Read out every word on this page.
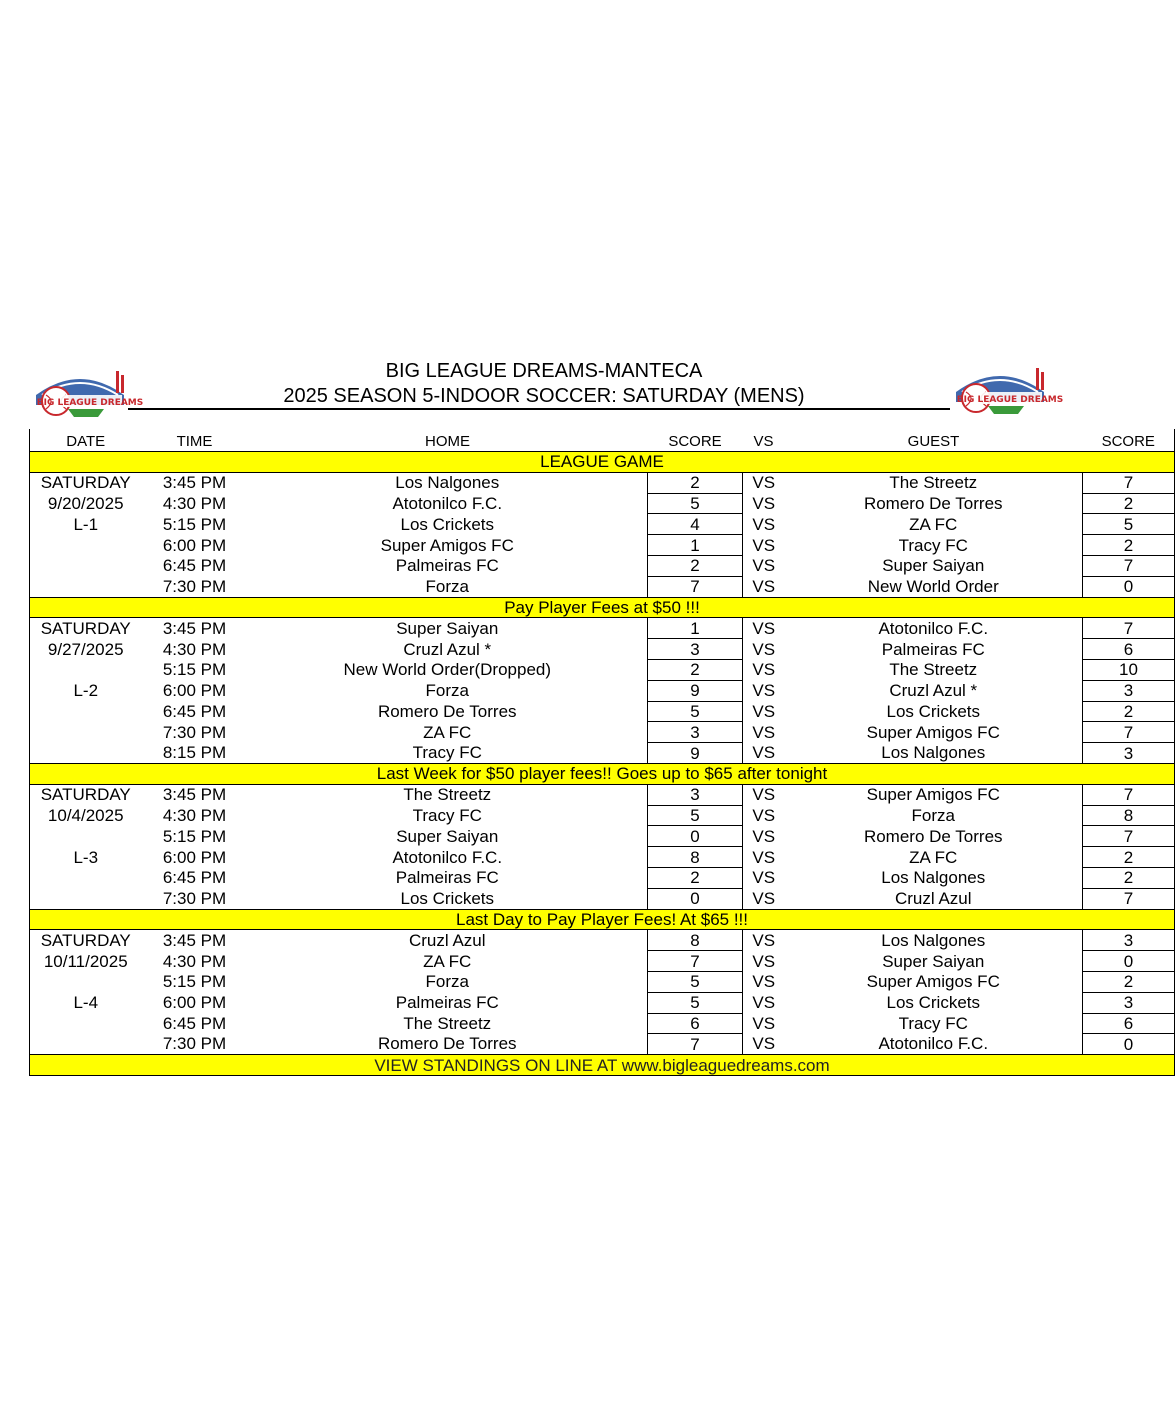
BIG LEAGUE DREAMS-MANTECA
2025 SEASON 5-INDOOR SOCCER: SATURDAY (MENS)
BIG LEAGUE DREAMS	BIG LEAGUE DREAMS

DATE	TIME	HOME	SCORE	VS	GUEST	SCORE
LEAGUE GAME						
SATURDAY	3:45 PM	Los Nalgones	2	VS	The Streetz	7
9/20/2025	4:30 PM	Atotonilco F.C.	5	VS	Romero De Torres	2
L-1	5:15 PM	Los Crickets	4	VS	ZA FC	5
	6:00 PM	Super Amigos FC	1	VS	Tracy FC	2
	6:45 PM	Palmeiras FC	2	VS	Super Saiyan	7
	7:30 PM	Forza	7	VS	New World Order	0
Pay Player Fees at $50 !!!						
SATURDAY	3:45 PM	Super Saiyan	1	VS	Atotonilco F.C.	7
9/27/2025	4:30 PM	Cruzl Azul *	3	VS	Palmeiras FC	6
	5:15 PM	New World Order(Dropped)	2	VS	The Streetz	10
L-2	6:00 PM	Forza	9	VS	Cruzl Azul *	3
	6:45 PM	Romero De Torres	5	VS	Los Crickets	2
	7:30 PM	ZA FC	3	VS	Super Amigos FC	7
	8:15 PM	Tracy FC	9	VS	Los Nalgones	3
Last Week for $50 player fees!! Goes up to $65 after tonight						
SATURDAY	3:45 PM	The Streetz	3	VS	Super Amigos FC	7
10/4/2025	4:30 PM	Tracy FC	5	VS	Forza	8
	5:15 PM	Super Saiyan	0	VS	Romero De Torres	7
L-3	6:00 PM	Atotonilco F.C.	8	VS	ZA FC	2
	6:45 PM	Palmeiras FC	2	VS	Los Nalgones	2
	7:30 PM	Los Crickets	0	VS	Cruzl Azul	7
Last Day to Pay Player Fees! At $65 !!!						
SATURDAY	3:45 PM	Cruzl Azul	8	VS	Los Nalgones	3
10/11/2025	4:30 PM	ZA FC	7	VS	Super Saiyan	0
	5:15 PM	Forza	5	VS	Super Amigos FC	2
L-4	6:00 PM	Palmeiras FC	5	VS	Los Crickets	3
	6:45 PM	The Streetz	6	VS	Tracy FC	6
	7:30 PM	Romero De Torres	7	VS	Atotonilco F.C.	0
VIEW STANDINGS ON LINE AT www.bigleaguedreams.com						
